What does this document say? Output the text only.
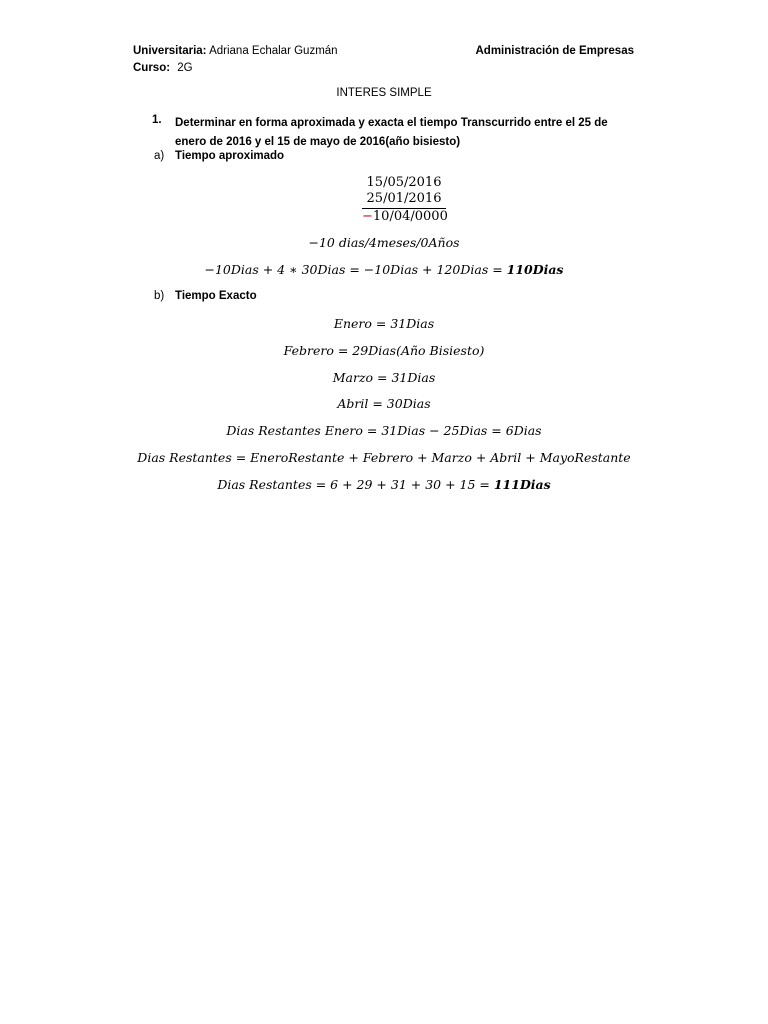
Universitaria: Adriana Echalar Guzmán
Curso: 2G
Administración de Empresas
INTERES SIMPLE
1. Determinar en forma aproximada y exacta el tiempo Transcurrido entre el 25 de enero de 2016 y el 15 de mayo de 2016(año bisiesto)
a) Tiempo aproximado
15/05/2016
25/01/2016
−10/04/0000
−10 dias/4meses/0Años
−10Dias + 4 ∗ 30Dias = −10Dias + 120Dias = 110Dias
b) Tiempo Exacto
Enero = 31Dias
Febrero = 29Dias(Año Bisiesto)
Marzo = 31Dias
Abril = 30Dias
Dias Restantes Enero = 31Dias − 25Dias = 6Dias
Dias Restantes = EneroRestante + Febrero + Marzo + Abril + MayoRestante
Dias Restantes = 6 + 29 + 31 + 30 + 15 = 111Dias
